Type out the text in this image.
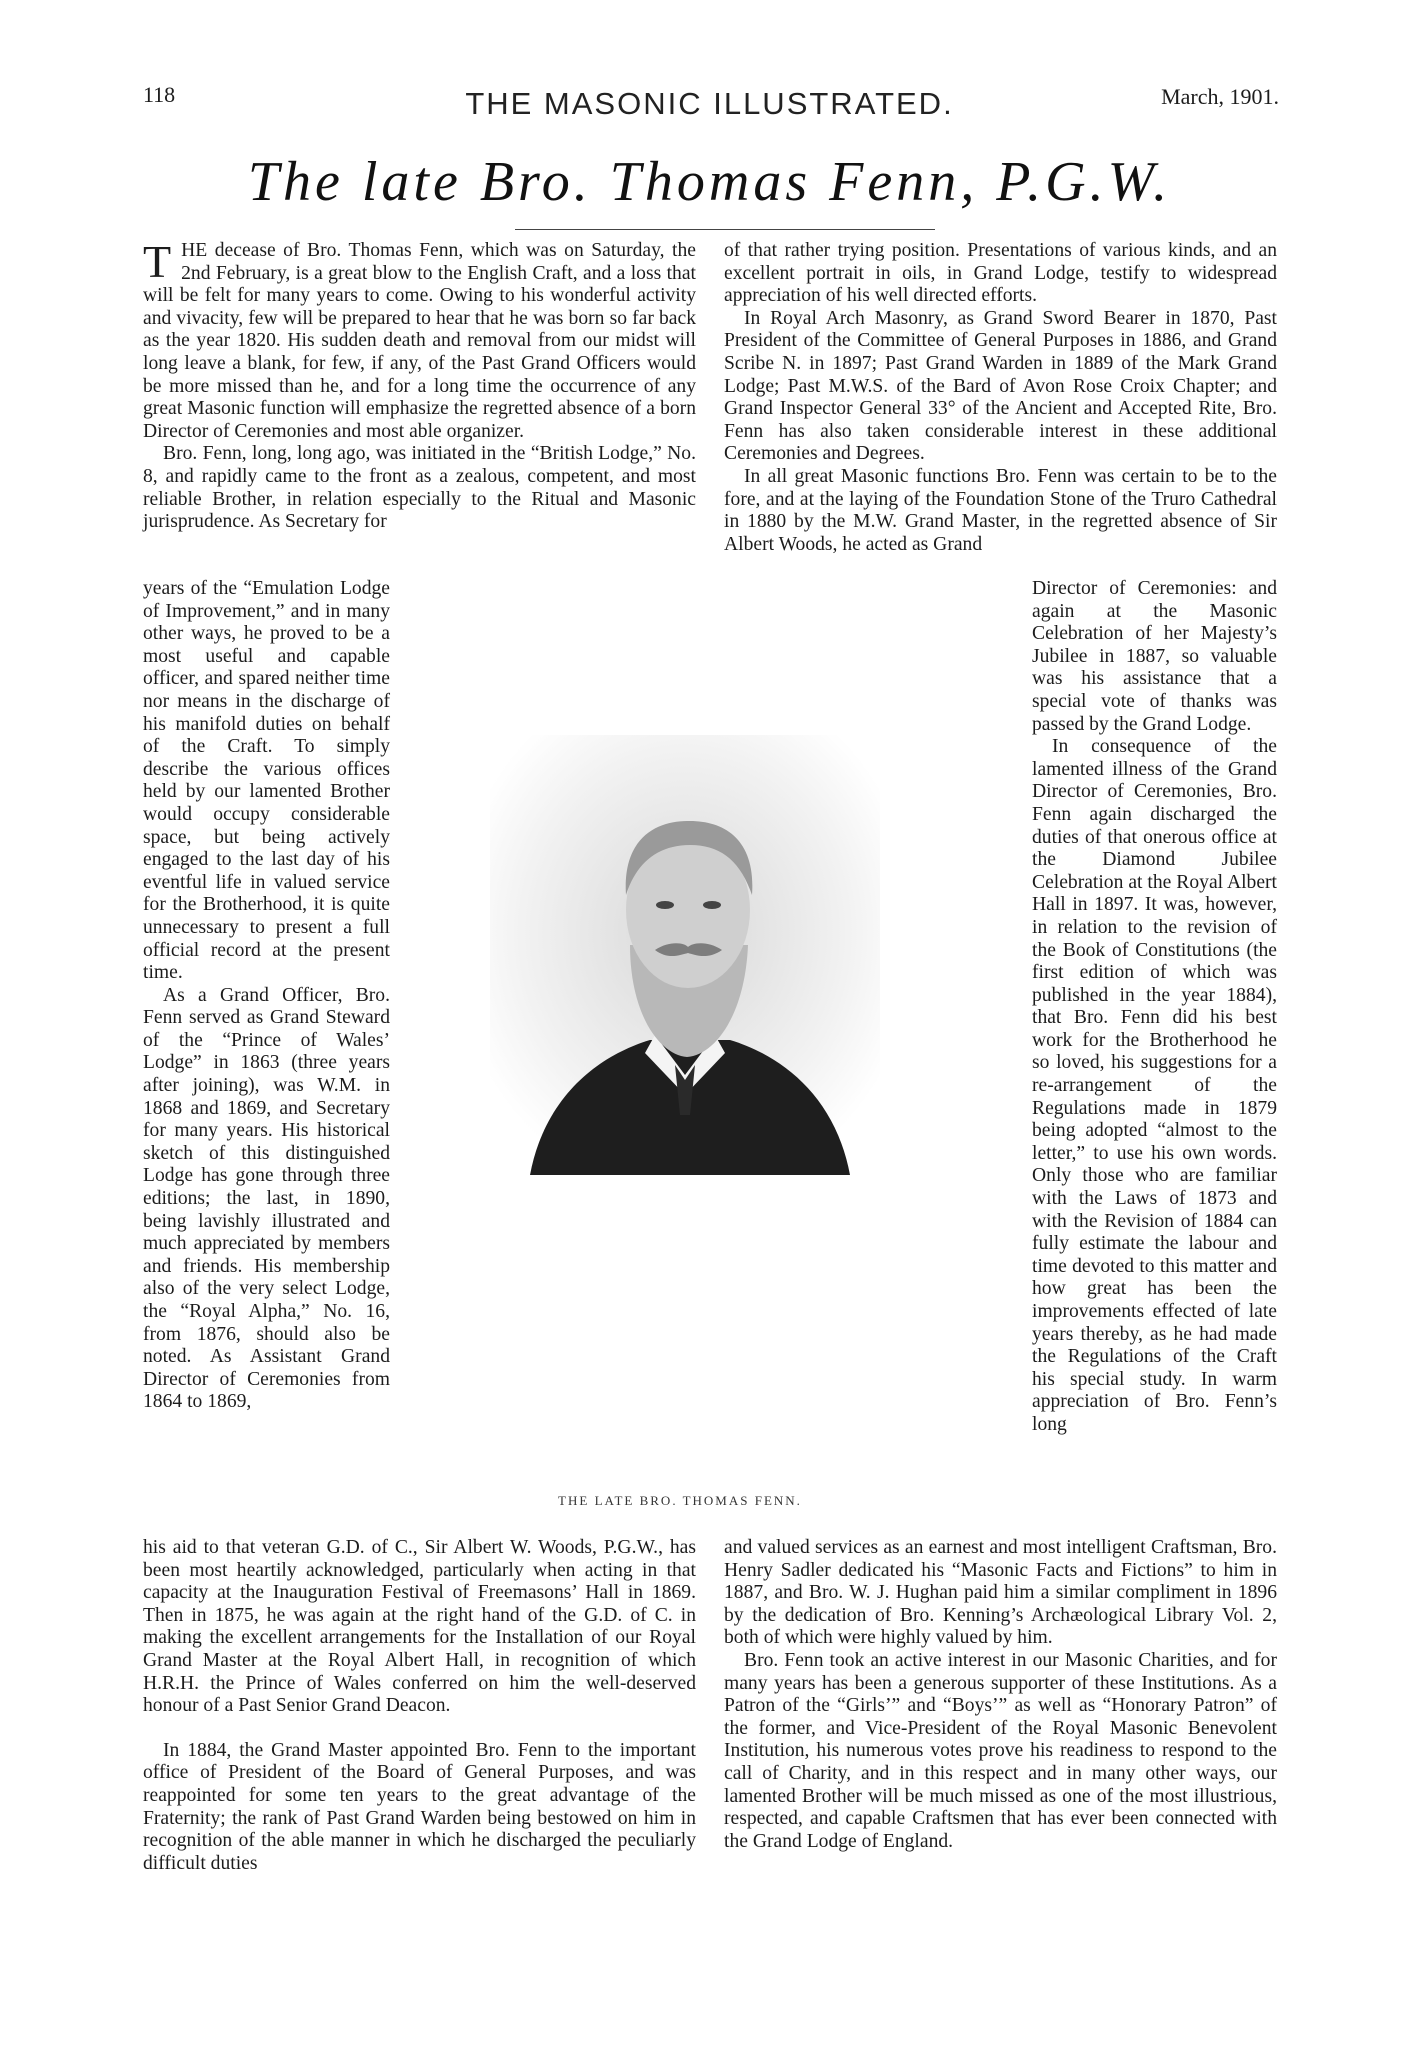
118	THE MASONIC ILLUSTRATED.	March, 1901.
The late Bro. Thomas Fenn, P.G.W.

THE decease of Bro. Thomas Fenn, which was on Saturday, the 2nd February, is a great blow to the English Craft, and a loss that will be felt for many years to come. Owing to his wonderful activity and vivacity, few will be prepared to hear that he was born so far back as the year 1820. His sudden death and removal from our midst will long leave a blank, for few, if any, of the Past Grand Officers would be more missed than he, and for a long time the occurrence of any great Masonic function will emphasize the regretted absence of a born Director of Ceremonies and most able organizer.

Bro. Fenn, long, long ago, was initiated in the “British Lodge,” No. 8, and rapidly came to the front as a zealous, competent, and most reliable Brother, in relation especially to the Ritual and Masonic jurisprudence. As Secretary for

years of the “Emulation Lodge of Improvement,” and in many other ways, he proved to be a most useful and capable officer, and spared neither time nor means in the discharge of his manifold duties on behalf of the Craft. To simply describe the various offices held by our lamented Brother would occupy considerable space, but being actively engaged to the last day of his eventful life in valued service for the Brotherhood, it is quite unnecessary to present a full official record at the present time.

As a Grand Officer, Bro. Fenn served as Grand Steward of the “Prince of Wales’ Lodge” in 1863 (three years after joining), was W.M. in 1868 and 1869, and Secretary for many years. His historical sketch of this distinguished Lodge has gone through three editions; the last, in 1890, being lavishly illustrated and much appreciated by members and friends. His membership also of the very select Lodge, the “Royal Alpha,” No. 16, from 1876, should also be noted. As Assistant Grand Director of Ceremonies from 1864 to 1869,

his aid to that veteran G.D. of C., Sir Albert W. Woods, P.G.W., has been most heartily acknowledged, particularly when acting in that capacity at the Inauguration Festival of Freemasons’ Hall in 1869. Then in 1875, he was again at the right hand of the G.D. of C. in making the excellent arrangements for the Installation of our Royal Grand Master at the Royal Albert Hall, in recognition of which H.R.H. the Prince of Wales conferred on him the well-deserved honour of a Past Senior Grand Deacon.

In 1884, the Grand Master appointed Bro. Fenn to the important office of President of the Board of General Purposes, and was reappointed for some ten years to the great advantage of the Fraternity; the rank of Past Grand Warden being bestowed on him in recognition of the able manner in which he discharged the peculiarly difficult duties

of that rather trying position. Presentations of various kinds, and an excellent portrait in oils, in Grand Lodge, testify to widespread appreciation of his well directed efforts.

In Royal Arch Masonry, as Grand Sword Bearer in 1870, Past President of the Committee of General Purposes in 1886, and Grand Scribe N. in 1897; Past Grand Warden in 1889 of the Mark Grand Lodge; Past M.W.S. of the Bard of Avon Rose Croix Chapter; and Grand Inspector General 33° of the Ancient and Accepted Rite, Bro. Fenn has also taken considerable interest in these additional Ceremonies and Degrees.

In all great Masonic functions Bro. Fenn was certain to be to the fore, and at the laying of the Foundation Stone of the Truro Cathedral in 1880 by the M.W. Grand Master, in the regretted absence of Sir Albert Woods, he acted as Grand

Director of Ceremonies: and again at the Masonic Celebration of her Majesty’s Jubilee in 1887, so valuable was his assistance that a special vote of thanks was passed by the Grand Lodge.

In consequence of the lamented illness of the Grand Director of Ceremonies, Bro. Fenn again discharged the duties of that onerous office at the Diamond Jubilee Celebration at the Royal Albert Hall in 1897. It was, however, in relation to the revision of the Book of Constitutions (the first edition of which was published in the year 1884), that Bro. Fenn did his best work for the Brotherhood he so loved, his suggestions for a re-arrangement of the Regulations made in 1879 being adopted “almost to the letter,” to use his own words. Only those who are familiar with the Laws of 1873 and with the Revision of 1884 can fully estimate the labour and time devoted to this matter and how great has been the improvements effected of late years thereby, as he had made the Regulations of the Craft his special study. In warm appreciation of Bro. Fenn’s long

and valued services as an earnest and most intelligent Craftsman, Bro. Henry Sadler dedicated his “Masonic Facts and Fictions” to him in 1887, and Bro. W. J. Hughan paid him a similar compliment in 1896 by the dedication of Bro. Kenning’s Archæological Library Vol. 2, both of which were highly valued by him.

Bro. Fenn took an active interest in our Masonic Charities, and for many years has been a generous supporter of these Institutions. As a Patron of the “Girls’” and “Boys’” as well as “Honorary Patron” of the former, and Vice-President of the Royal Masonic Benevolent Institution, his numerous votes prove his readiness to respond to the call of Charity, and in this respect and in many other ways, our lamented Brother will be much missed as one of the most illustrious, respected, and capable Craftsmen that has ever been connected with the Grand Lodge of England.

THE LATE BRO. THOMAS FENN.
